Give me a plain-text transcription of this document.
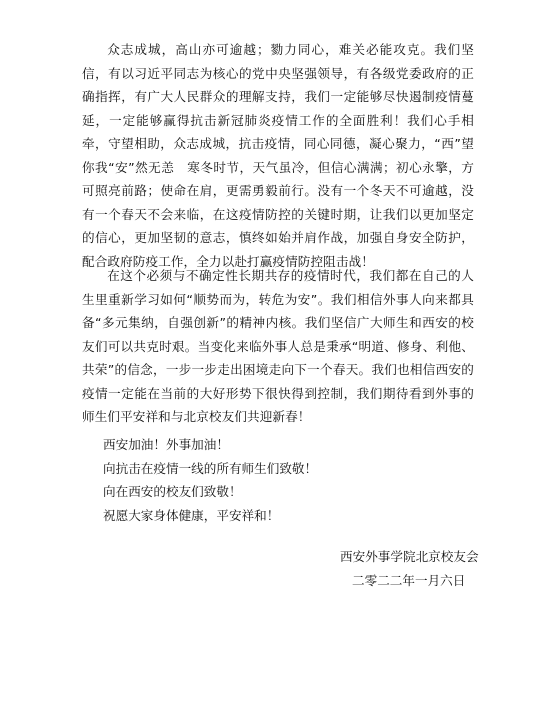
众志成城，高山亦可逾越；勠力同心，难关必能攻克。我们坚信，有以习近平同志为核心的党中央坚强领导，有各级党委政府的正确指挥，有广大人民群众的理解支持，我们一定能够尽快遏制疫情蔓延，一定能够赢得抗击新冠肺炎疫情工作的全面胜利！我们心手相牵，守望相助，众志成城，抗击疫情，同心同德，凝心聚力，“西”望你我“安”然无恙　寒冬时节，天气虽冷，但信心满满；初心永擎，方可照亮前路；使命在肩，更需勇毅前行。没有一个冬天不可逾越，没有一个春天不会来临，在这疫情防控的关键时期，让我们以更加坚定的信心，更加坚韧的意志，慎终如始并肩作战，加强自身安全防护，配合政府防疫工作，全力以赴打赢疫情防控阻击战！

在这个必须与不确定性长期共存的疫情时代，我们都在自己的人生里重新学习如何“顺势而为，转危为安”。我们相信外事人向来都具备“多元集纳，自强创新”的精神内核。我们坚信广大师生和西安的校友们可以共克时艰。当变化来临外事人总是秉承“明道、修身、利他、共荣”的信念，一步一步走出困境走向下一个春天。我们也相信西安的疫情一定能在当前的大好形势下很快得到控制，我们期待看到外事的师生们平安祥和与北京校友们共迎新春！

西安加油！外事加油！
向抗击在疫情一线的所有师生们致敬！
向在西安的校友们致敬！
祝愿大家身体健康，平安祥和！
西安外事学院北京校友会
二零二二年一月六日
